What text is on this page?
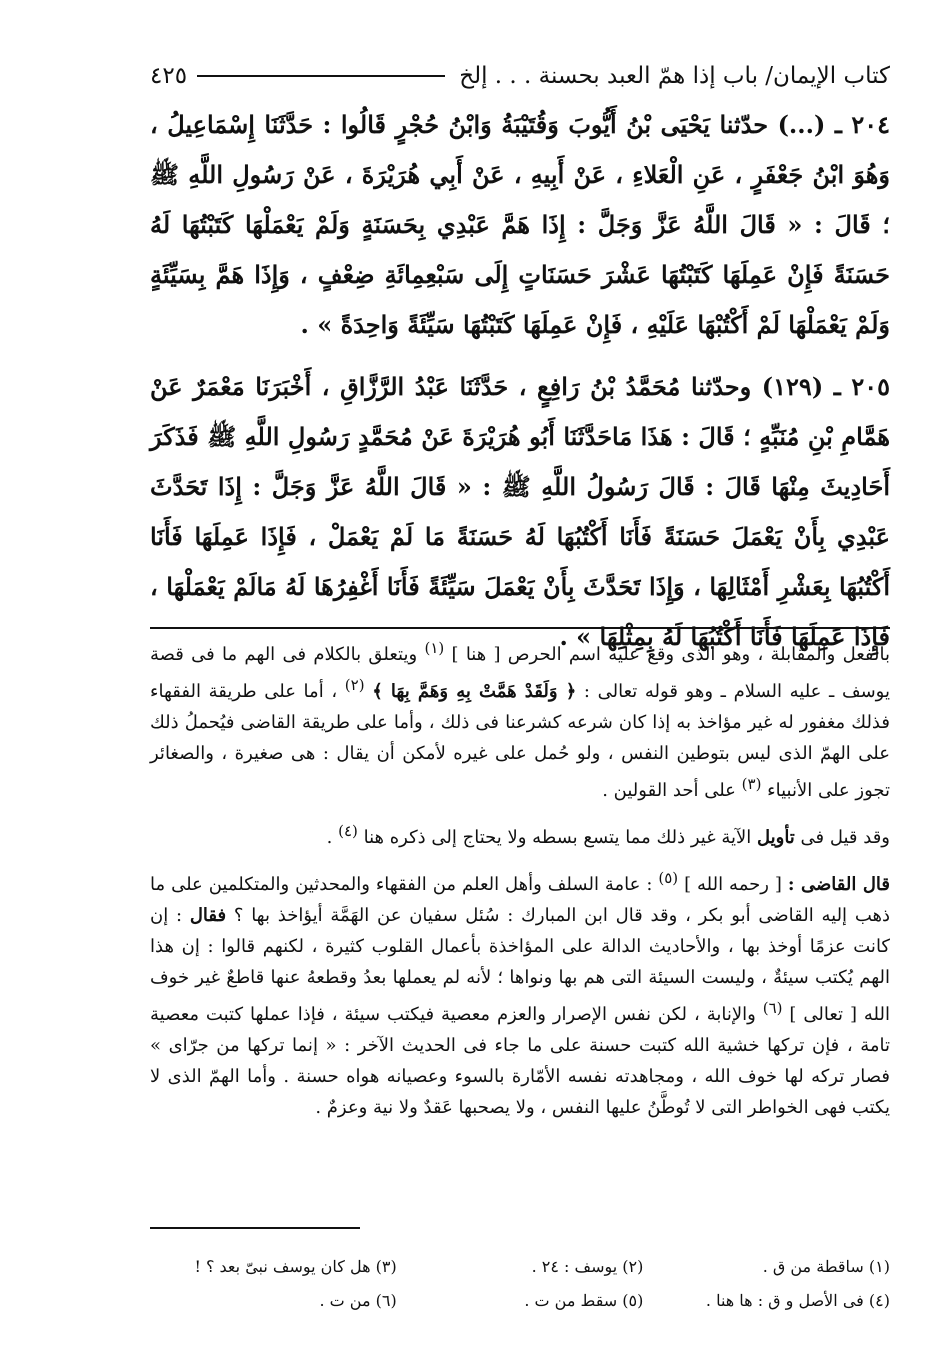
كتاب الإيمان/ باب إذا همّ العبد بحسنة . . . إلخ
٤٢٥

٢٠٤ ـ (...) حدّثنا يَحْيَى بْنُ أَيُّوبَ وَقُتَيْبَةُ وَابْنُ حُجْرٍ قَالُوا : حَدَّثَنَا إِسْمَاعِيلُ ، وَهُوَ ابْنُ جَعْفَرٍ ، عَنِ الْعَلاءِ ، عَنْ أَبِيهِ ، عَنْ أَبِي هُرَيْرَةَ ، عَنْ رَسُولِ اللَّهِ ﷺ ؛ قَالَ : « قَالَ اللَّهُ عَزَّ وَجَلَّ : إِذَا هَمَّ عَبْدِي بِحَسَنَةٍ وَلَمْ يَعْمَلْهَا كَتَبْتُهَا لَهُ حَسَنَةً فَإِنْ عَمِلَهَا كَتَبْتُهَا عَشْرَ حَسَنَاتٍ إِلَى سَبْعِمِائَةِ ضِعْفٍ ، وَإِذَا هَمَّ بِسَيِّئَةٍ وَلَمْ يَعْمَلْهَا لَمْ أَكْتُبْهَا عَلَيْهِ ، فَإِنْ عَمِلَهَا كَتَبْتُهَا سَيِّئَةً وَاحِدَةً » .

٢٠٥ ـ (١٢٩) وحدّثنا مُحَمَّدُ بْنُ رَافِعٍ ، حَدَّثَنَا عَبْدُ الرَّزَّاقِ ، أَخْبَرَنَا مَعْمَرٌ عَنْ هَمَّامِ بْنِ مُنَبِّهٍ ؛ قَالَ : هَذَا مَاحَدَّثَنَا أَبُو هُرَيْرَةَ عَنْ مُحَمَّدٍ رَسُولِ اللَّهِ ﷺ فَذَكَرَ أَحَادِيثَ مِنْهَا قَالَ : قَالَ رَسُولُ اللَّهِ ﷺ : « قَالَ اللَّهُ عَزَّ وَجَلَّ : إِذَا تَحَدَّثَ عَبْدِي بِأَنْ يَعْمَلَ حَسَنَةً فَأَنَا أَكْتُبُهَا لَهُ حَسَنَةً مَا لَمْ يَعْمَلْ ، فَإِذَا عَمِلَهَا فَأَنَا أَكْتُبُهَا بِعَشْرِ أَمْثَالِهَا ، وَإِذَا تَحَدَّثَ بِأَنْ يَعْمَلَ سَيِّئَةً فَأَنَا أَغْفِرُهَا لَهُ مَالَمْ يَعْمَلْهَا ، فَإِذَا عَمِلَهَا فَأَنَا أَكْتُبُهَا لَهُ بِمِثْلِهَا » .

بالفعل والمقابلة ، وهو الذى وقع عليه اسم الحرص [ هنا ] $^{(١)}$ ويتعلق بالكلام فى الهم ما فى قصة يوسف ـ عليه السلام ـ وهو قوله تعالى : ﴿ وَلَقَدْ هَمَّتْ بِهِ وَهَمَّ بِهَا ﴾ $^{(٢)}$ ، أما على طريقة الفقهاء فذلك مغفور له غير مؤاخذ به إذا كان شرعه كشرعنا فى ذلك ، وأما على طريقة القاضى فيُحملُ ذلك على الهمّ الذى ليس بتوطين النفس ، ولو حُمل على غيره لأمكن أن يقال : هى صغيرة ، والصغائر تجوز على الأنبياء $^{(٣)}$ على أحد القولين .

وقد قيل فى تأويل الآية غير ذلك مما يتسع بسطه ولا يحتاج إلى ذكره هنا $^{(٤)}$ .

قال القاضى : [ رحمه الله ] $^{(٥)}$ : عامة السلف وأهل العلم من الفقهاء والمحدثين والمتكلمين على ما ذهب إليه القاضى أبو بكر ، وقد قال ابن المبارك : سُئل سفيان عن الهَمَّة أيؤاخذ بها ؟ فقال : إن كانت عزمًا أوخذ بها ، والأحاديث الدالة على المؤاخذة بأعمال القلوب كثيرة ، لكنهم قالوا : إن هذا الهم يُكتب سيئةٌ ، وليست السيئة التى هم بها ونواها ؛ لأنه لم يعملها بعدُ وقطعهُ عنها قاطعٌ غير خوف الله [ تعالى ] $^{(٦)}$ والإنابة ، لكن نفس الإصرار والعزم معصية فيكتب سيئة ، فإذا عملها كتبت معصية تامة ، فإن تركها خشية الله كتبت حسنة على ما جاء فى الحديث الآخر : « إنما تركها من جرّاى » فصار تركه لها خوف الله ، ومجاهدته نفسه الأمّارة بالسوء وعصيانه هواه حسنة . وأما الهمّ الذى لا يكتب فهى الخواطر التى لا تُوطَّنُ عليها النفس ، ولا يصحبها عَقدٌ ولا نية وعزمٌ .

(١) ساقطة من ق .
(٢) يوسف : ٢٤ .
(٣) هل كان يوسف نبىّ بعد ؟ !
(٤) فى الأصل و ق : ها هنا .
(٥) سقط من ت .
(٦) من ت .
